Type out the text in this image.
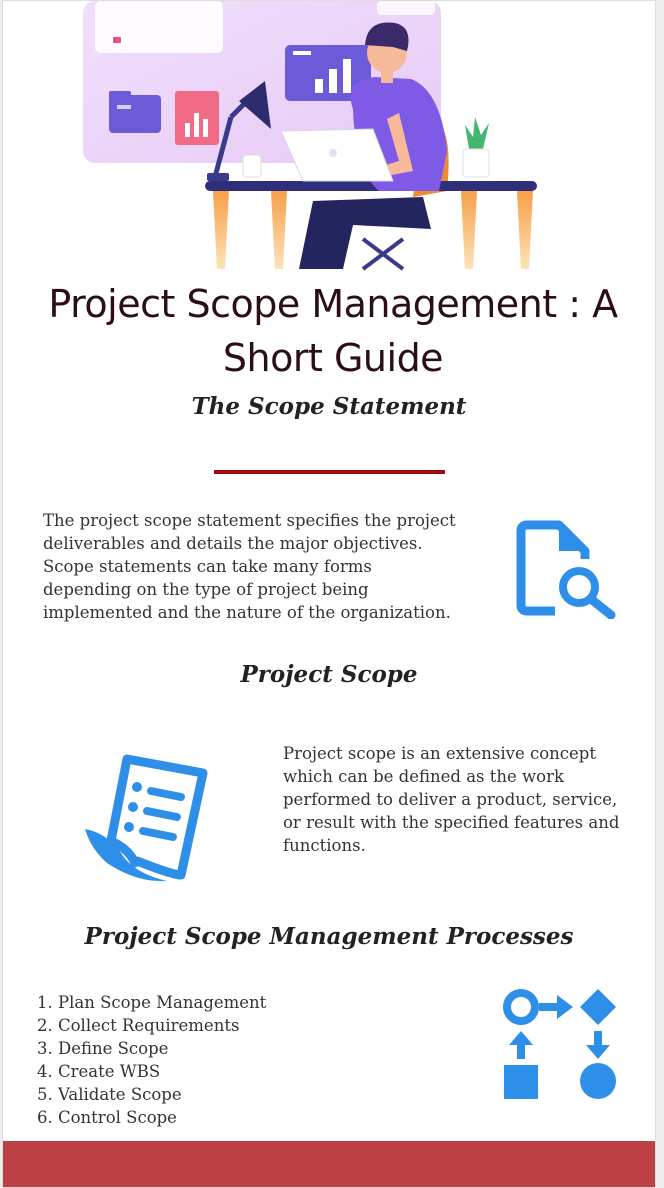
Project Scope Management : A Short Guide
The Scope Statement
The project scope statement specifies the project deliverables and details the major objectives. Scope statements can take many forms depending on the type of project being implemented and the nature of the organization.
Project Scope
Project scope is an extensive concept which can be defined as the work performed to deliver a product, service, or result with the specified features and functions.
Project Scope Management Processes
1. Plan Scope Management
2. Collect Requirements
3. Define Scope
4. Create WBS
5. Validate Scope
6. Control Scope
